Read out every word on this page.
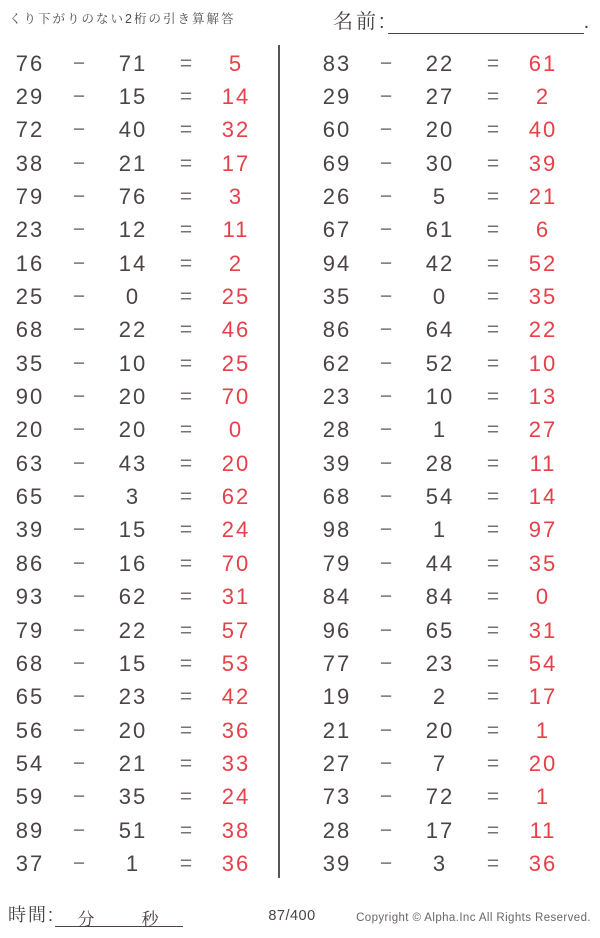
くり下がりのない2桁の引き算解答	名前:	.
76	−	71	=	5
29	−	15	=	14
72	−	40	=	32
38	−	21	=	17
79	−	76	=	3
23	−	12	=	11
16	−	14	=	2
25	−	0	=	25
68	−	22	=	46
35	−	10	=	25
90	−	20	=	70
20	−	20	=	0
63	−	43	=	20
65	−	3	=	62
39	−	15	=	24
86	−	16	=	70
93	−	62	=	31
79	−	22	=	57
68	−	15	=	53
65	−	23	=	42
56	−	20	=	36
54	−	21	=	33
59	−	35	=	24
89	−	51	=	38
37	−	1	=	36
83	−	22	=	61
29	−	27	=	2
60	−	20	=	40
69	−	30	=	39
26	−	5	=	21
67	−	61	=	6
94	−	42	=	52
35	−	0	=	35
86	−	64	=	22
62	−	52	=	10
23	−	10	=	13
28	−	1	=	27
39	−	28	=	11
68	−	54	=	14
98	−	1	=	97
79	−	44	=	35
84	−	84	=	0
96	−	65	=	31
77	−	23	=	54
19	−	2	=	17
21	−	20	=	1
27	−	7	=	20
73	−	72	=	1
28	−	17	=	11
39	−	3	=	36
時間: 分	秒	87/400	Copyright © Alpha.Inc All Rights Reserved.
